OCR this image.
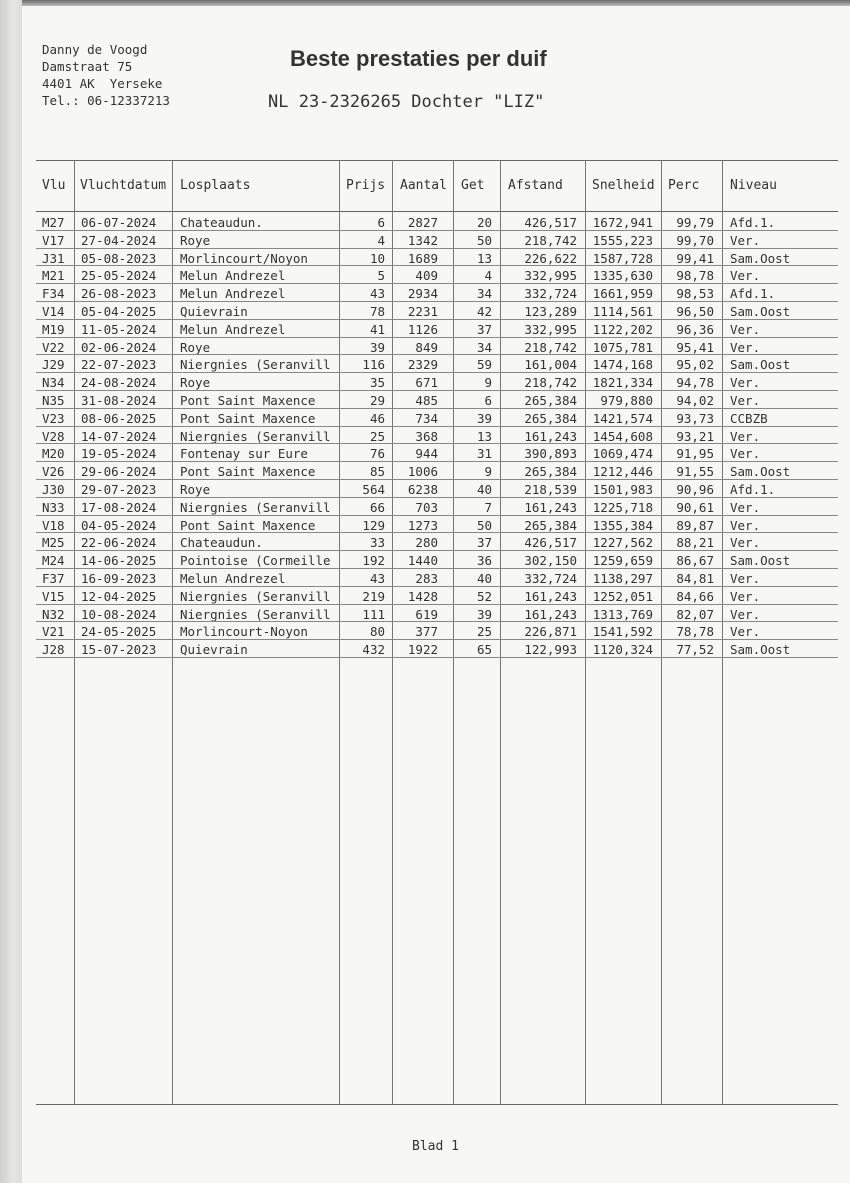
Danny de Voogd
Damstraat 75
4401 AK  Yerseke
Tel.: 06-12337213
Beste prestaties per duif
NL 23-2326265 Dochter "LIZ"
Vlu Vluchtdatum Losplaats	Prijs Aantal Get Afstand Snelheid Perc Niveau
M27 06-07-2024 Chateaudun.	6 2827	20	426,517 1672,941 99,79 Afd.1.
V17 27-04-2024 Roye	4 1342	50	218,742 1555,223 99,70 Ver.
J31 05-08-2023 Morlincourt/Noyon	10 1689	13	226,622 1587,728 99,41 Sam.Oost
M21 25-05-2024 Melun Andrezel	5 409	4	332,995 1335,630 98,78 Ver.
F34 26-08-2023 Melun Andrezel	43 2934	34	332,724 1661,959 98,53 Afd.1.
V14 05-04-2025 Quievrain	78 2231	42	123,289 1114,561 96,50 Sam.Oost
M19 11-05-2024 Melun Andrezel	41 1126	37	332,995 1122,202 96,36 Ver.
V22 02-06-2024 Roye	39 849	34	218,742 1075,781 95,41 Ver.
J29 22-07-2023 Niergnies (Seranvill	116 2329	59	161,004 1474,168 95,02 Sam.Oost
N34 24-08-2024 Roye	35 671	9	218,742 1821,334 94,78 Ver.
N35 31-08-2024 Pont Saint Maxence	29 485	6	265,384 979,880 94,02 Ver.
V23 08-06-2025 Pont Saint Maxence	46 734	39	265,384 1421,574 93,73 CCBZB
V28 14-07-2024 Niergnies (Seranvill	25 368	13	161,243 1454,608 93,21 Ver.
M20 19-05-2024 Fontenay sur Eure	76 944	31	390,893 1069,474 91,95 Ver.
V26 29-06-2024 Pont Saint Maxence	85 1006	9	265,384 1212,446 91,55 Sam.Oost
J30 29-07-2023 Roye	564 6238	40	218,539 1501,983 90,96 Afd.1.
N33 17-08-2024 Niergnies (Seranvill	66 703	7	161,243 1225,718 90,61 Ver.
V18 04-05-2024 Pont Saint Maxence	129 1273	50	265,384 1355,384 89,87 Ver.
M25 22-06-2024 Chateaudun.	33 280	37	426,517 1227,562 88,21 Ver.
M24 14-06-2025 Pointoise (Cormeille	192 1440	36	302,150 1259,659 86,67 Sam.Oost
F37 16-09-2023 Melun Andrezel	43 283	40	332,724 1138,297 84,81 Ver.
V15 12-04-2025 Niergnies (Seranvill	219 1428	52	161,243 1252,051 84,66 Ver.
N32 10-08-2024 Niergnies (Seranvill	111 619	39	161,243 1313,769 82,07 Ver.
V21 24-05-2025 Morlincourt-Noyon	80 377	25	226,871 1541,592 78,78 Ver.
J28 15-07-2023 Quievrain	432 1922	65	122,993 1120,324 77,52 Sam.Oost
Blad 1
